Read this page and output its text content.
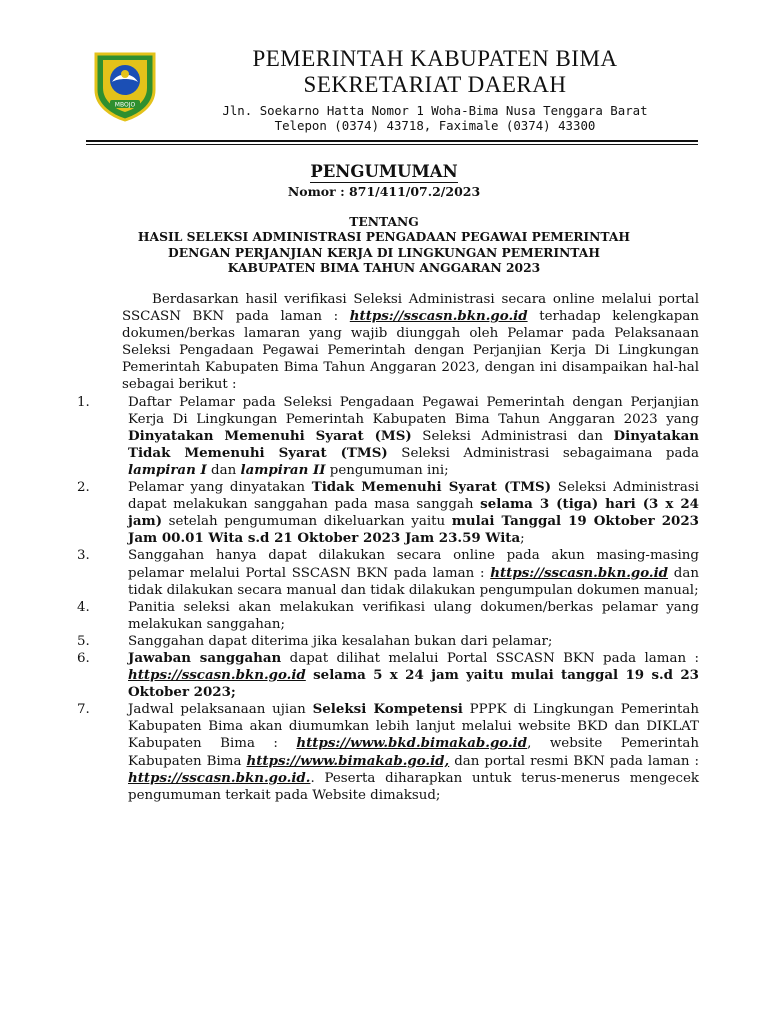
MBOJO
PEMERINTAH KABUPATEN BIMA
SEKRETARIAT DAERAH
Jln. Soekarno Hatta Nomor 1 Woha-Bima Nusa Tenggara Barat
Telepon (0374) 43718, Faximale (0374) 43300
PENGUMUMAN
Nomor : 871/411/07.2/2023
TENTANG
HASIL SELEKSI ADMINISTRASI PENGADAAN PEGAWAI PEMERINTAH
DENGAN PERJANJIAN KERJA DI LINGKUNGAN PEMERINTAH
KABUPATEN BIMA TAHUN ANGGARAN 2023
Berdasarkan hasil verifikasi Seleksi Administrasi secara online melalui portal SSCASN BKN pada laman : https://sscasn.bkn.go.id terhadap kelengkapan dokumen/berkas lamaran yang wajib diunggah oleh Pelamar pada Pelaksanaan Seleksi Pengadaan Pegawai Pemerintah dengan Perjanjian Kerja Di Lingkungan Pemerintah Kabupaten Bima Tahun Anggaran 2023, dengan ini disampaikan hal-hal sebagai berikut :
1.	Daftar Pelamar pada Seleksi Pengadaan Pegawai Pemerintah dengan Perjanjian Kerja Di Lingkungan Pemerintah Kabupaten Bima Tahun Anggaran 2023 yang Dinyatakan Memenuhi Syarat (MS) Seleksi Administrasi dan Dinyatakan Tidak Memenuhi Syarat (TMS) Seleksi Administrasi sebagaimana pada lampiran I dan lampiran II pengumuman ini;
2.	Pelamar yang dinyatakan Tidak Memenuhi Syarat (TMS) Seleksi Administrasi dapat melakukan sanggahan pada masa sanggah selama 3 (tiga) hari (3 x 24 jam) setelah pengumuman dikeluarkan yaitu mulai Tanggal 19 Oktober 2023 Jam 00.01 Wita s.d 21 Oktober 2023 Jam 23.59 Wita;
3.	Sanggahan hanya dapat dilakukan secara online pada akun masing-masing pelamar melalui Portal SSCASN BKN pada laman : https://sscasn.bkn.go.id dan tidak dilakukan secara manual dan tidak dilakukan pengumpulan dokumen manual;
4.	Panitia seleksi akan melakukan verifikasi ulang dokumen/berkas pelamar yang melakukan sanggahan;
5.	Sanggahan dapat diterima jika kesalahan bukan dari pelamar;
6.	Jawaban sanggahan dapat dilihat melalui Portal SSCASN BKN pada laman : https://sscasn.bkn.go.id selama 5 x 24 jam yaitu mulai tanggal 19 s.d 23 Oktober 2023;
7.	Jadwal pelaksanaan ujian Seleksi Kompetensi PPPK di Lingkungan Pemerintah Kabupaten Bima akan diumumkan lebih lanjut melalui website BKD dan DIKLAT Kabupaten Bima : https://www.bkd.bimakab.go.id, website Pemerintah Kabupaten Bima https://www.bimakab.go.id, dan portal resmi BKN pada laman : https://sscasn.bkn.go.id.. Peserta diharapkan untuk terus-menerus mengecek pengumuman terkait pada Website dimaksud;
